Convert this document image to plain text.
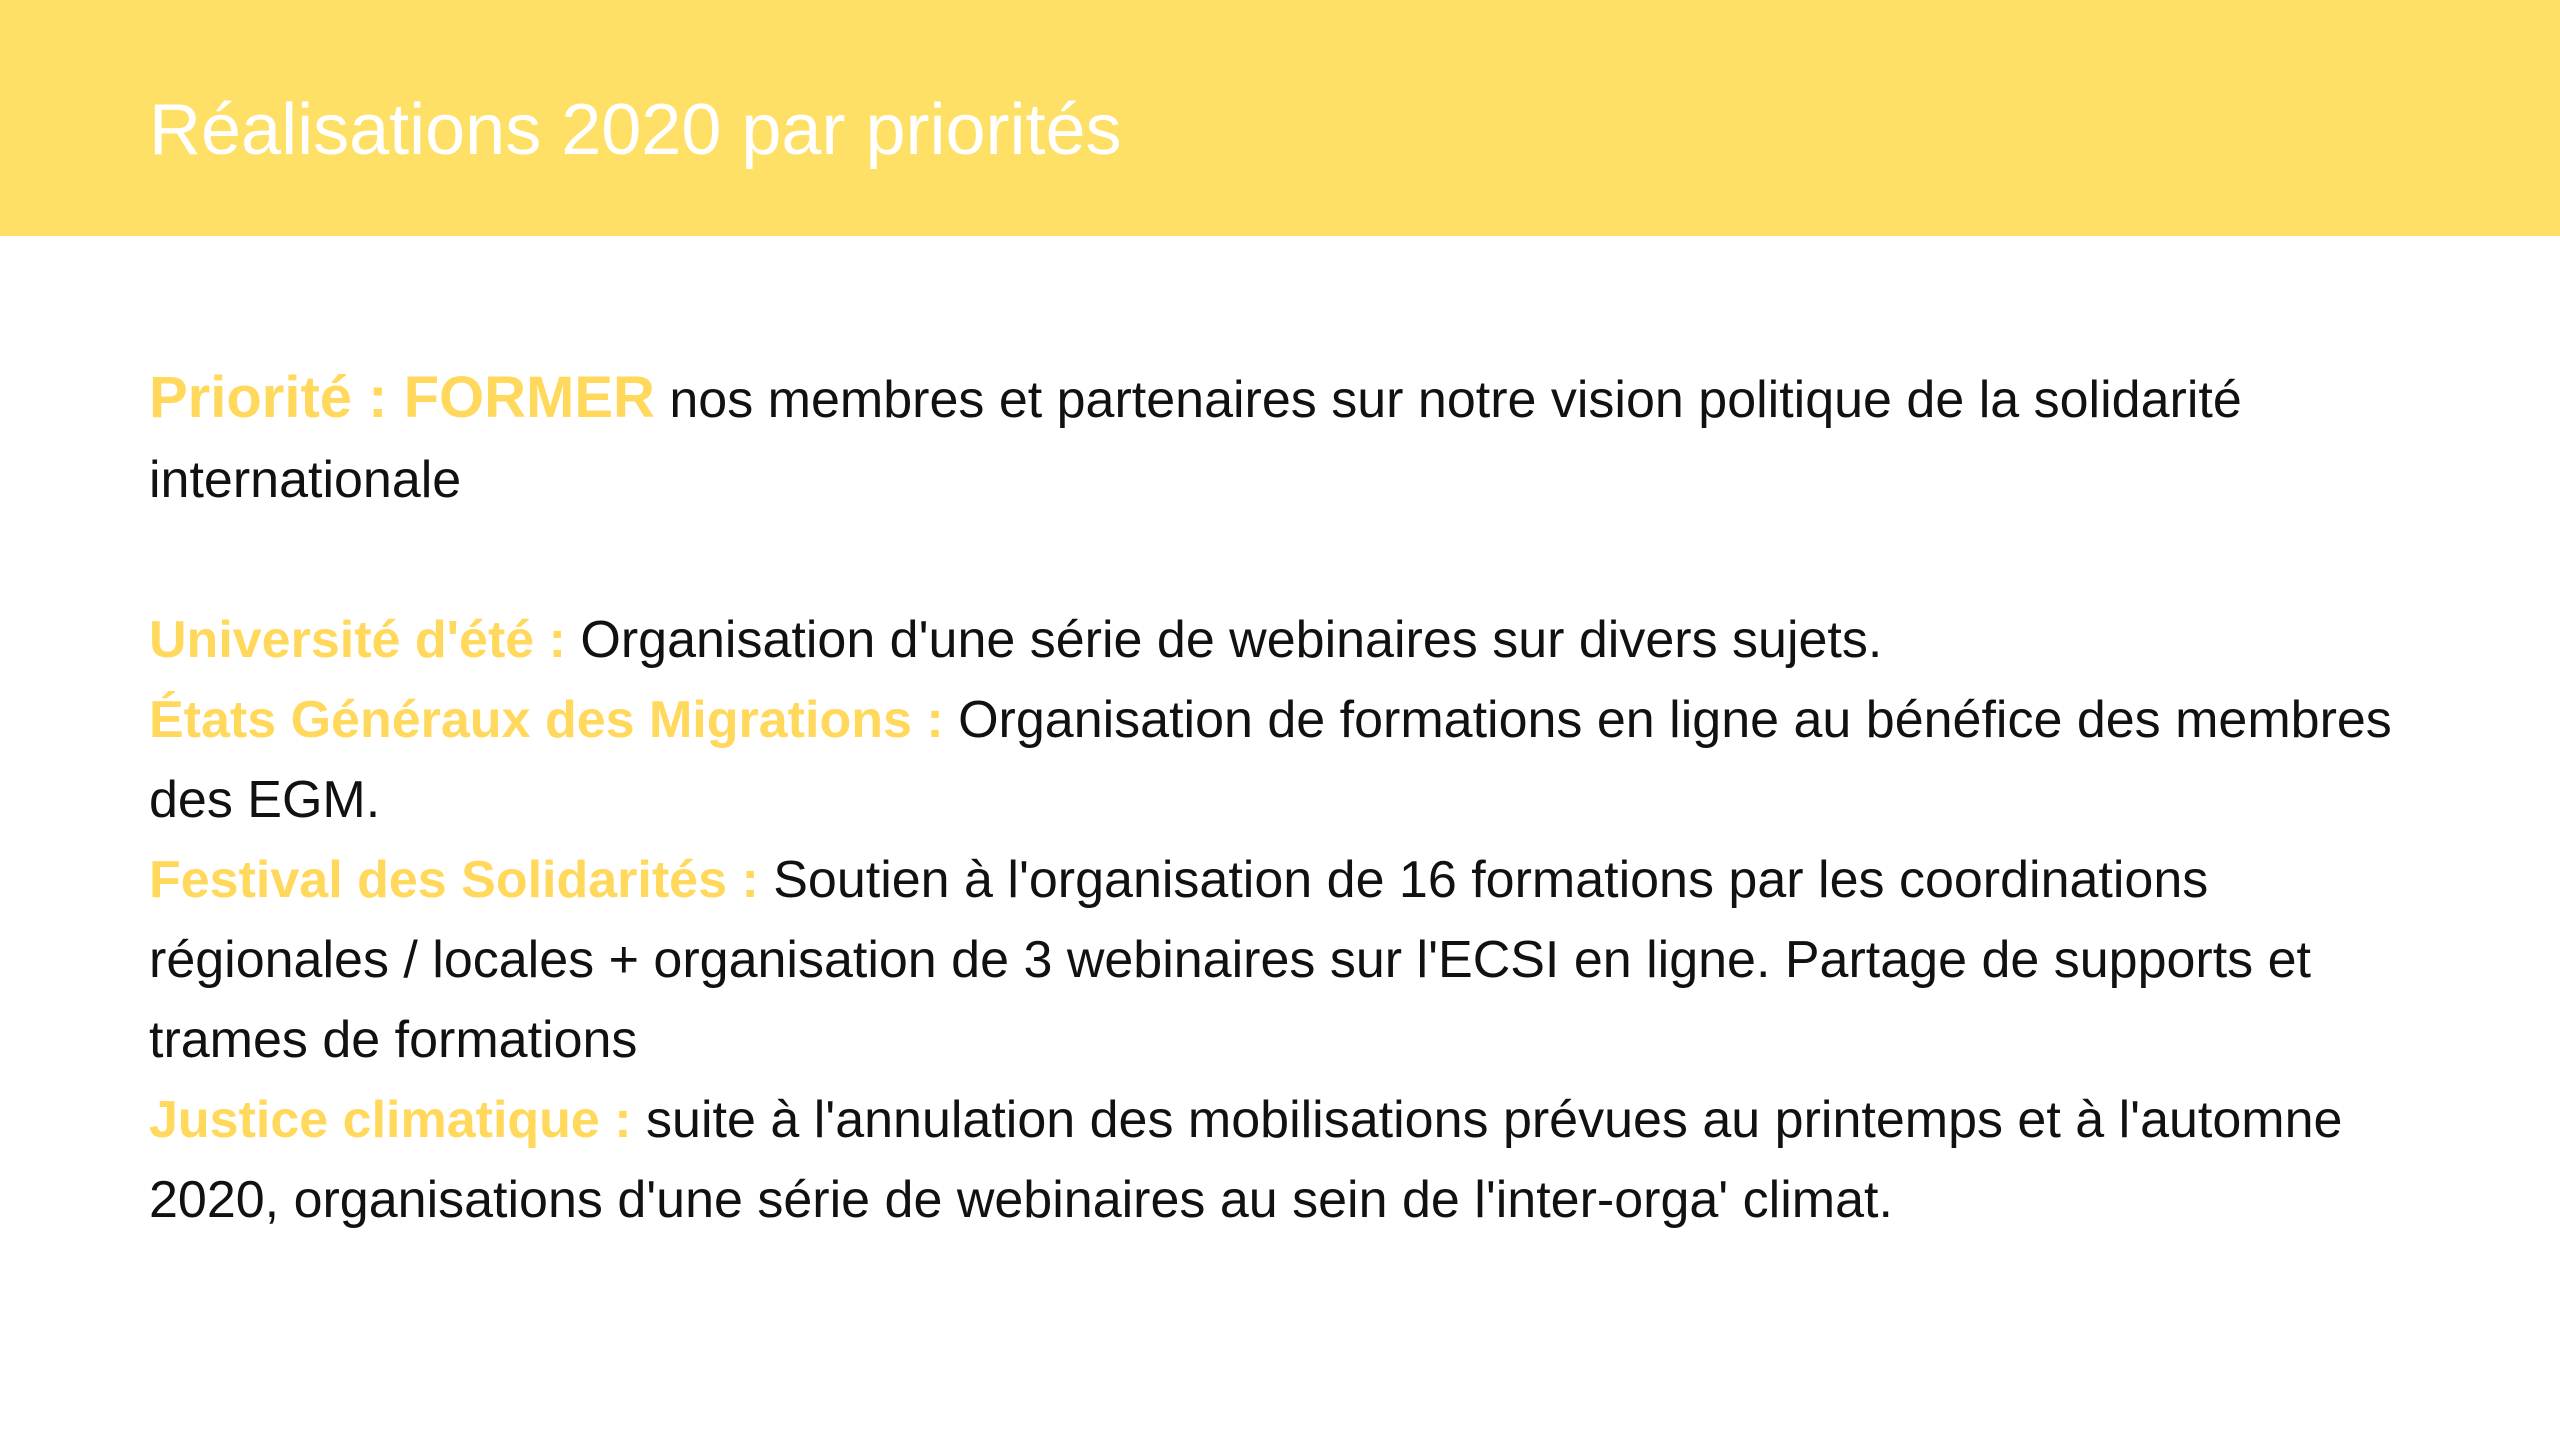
Réalisations 2020 par priorités

Priorité : FORMER nos membres et partenaires sur notre vision politique de la solidarité internationale

Université d'été : Organisation d'une série de webinaires sur divers sujets.

États Généraux des Migrations : Organisation de formations en ligne au bénéfice des membres des EGM.

Festival des Solidarités : Soutien à l'organisation de 16 formations par les coordinations régionales / locales + organisation de 3 webinaires sur l'ECSI en ligne. Partage de supports et trames de formations

Justice climatique : suite à l'annulation des mobilisations prévues au printemps et à l'automne 2020, organisations d'une série de webinaires au sein de l'inter-orga' climat.
